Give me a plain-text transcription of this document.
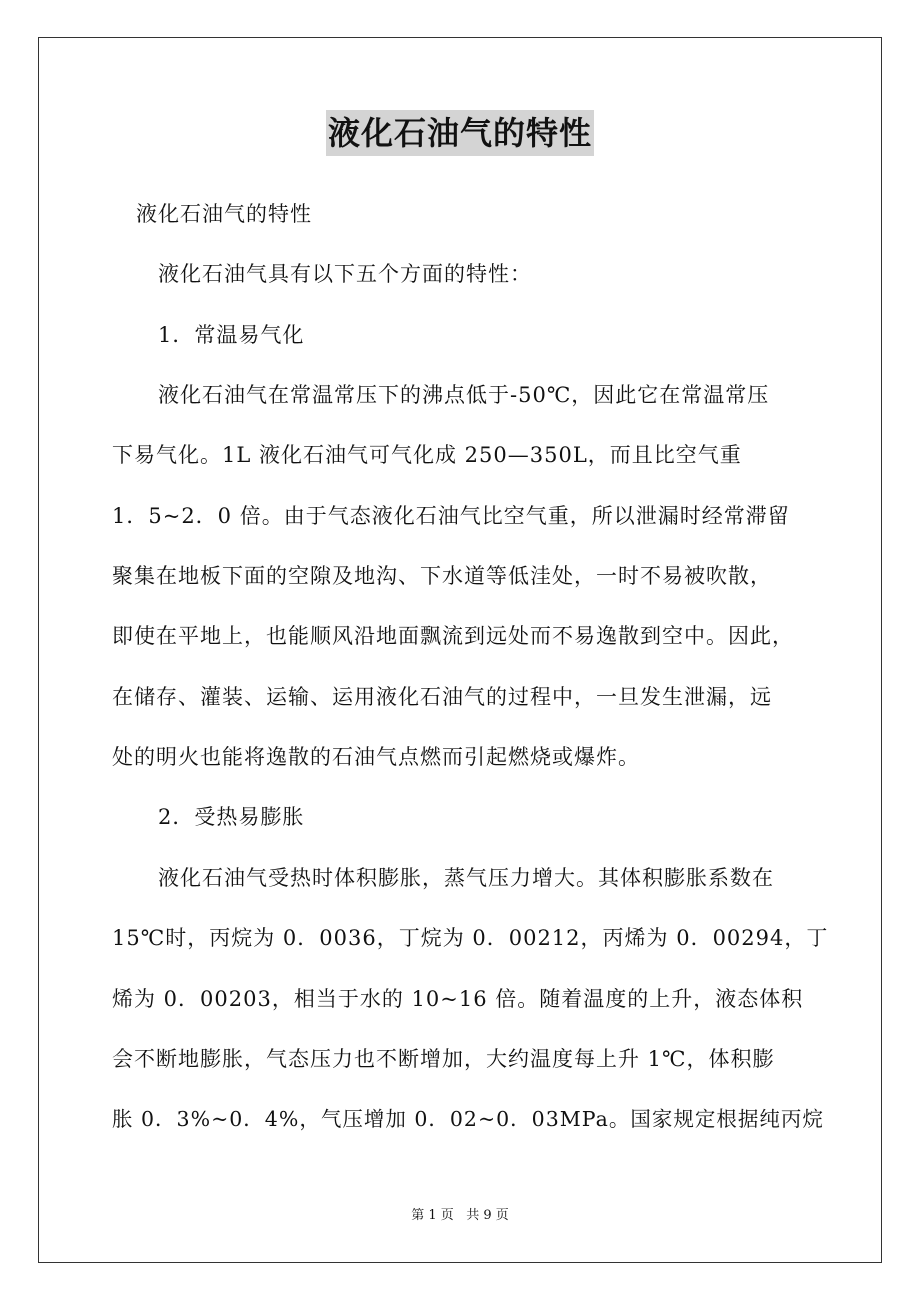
液化石油气的特性
液化石油气的特性
液化石油气具有以下五个方面的特性：
1．常温易气化
液化石油气在常温常压下的沸点低于-50℃，因此它在常温常压
下易气化。1L 液化石油气可气化成 250—350L，而且比空气重
1．5~2．0 倍。由于气态液化石油气比空气重，所以泄漏时经常滞留
聚集在地板下面的空隙及地沟、下水道等低洼处，一时不易被吹散，
即使在平地上，也能顺风沿地面飘流到远处而不易逸散到空中。因此，
在储存、灌装、运输、运用液化石油气的过程中，一旦发生泄漏，远
处的明火也能将逸散的石油气点燃而引起燃烧或爆炸。
2．受热易膨胀
液化石油气受热时体积膨胀，蒸气压力增大。其体积膨胀系数在
15℃时，丙烷为 0．0036，丁烷为 0．00212，丙烯为 0．00294，丁
烯为 0．00203，相当于水的 10~16 倍。随着温度的上升，液态体积
会不断地膨胀，气态压力也不断增加，大约温度每上升 1℃，体积膨
胀 0．3%~0．4%，气压增加 0．02~0．03MPa。国家规定根据纯丙烷
第 1 页   共 9 页
